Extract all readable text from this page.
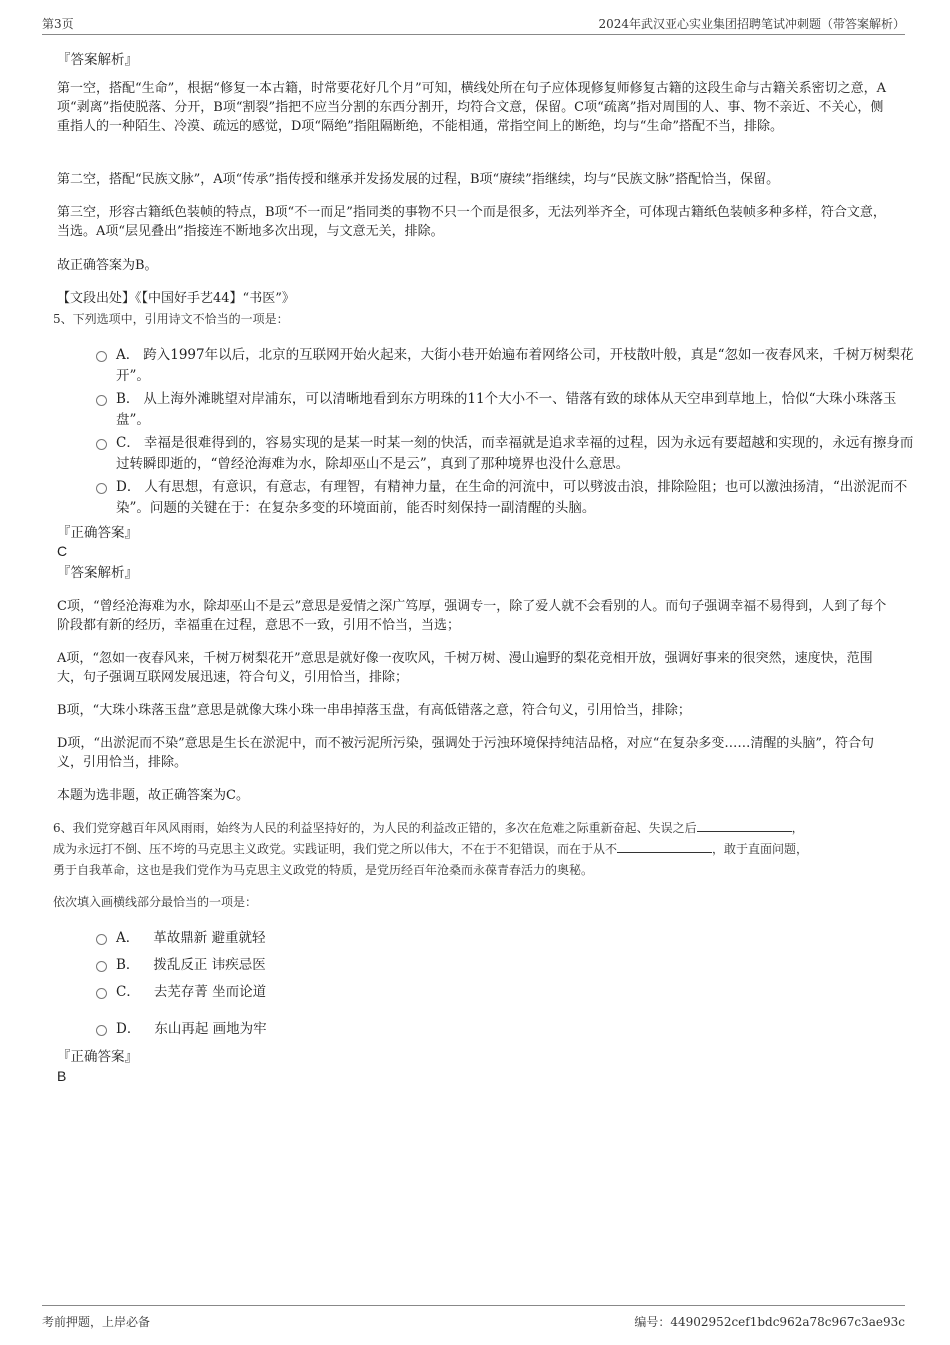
第3页	2024年武汉亚心实业集团招聘笔试冲刺题（带答案解析）
『答案解析』
第一空，搭配“生命”，根据“修复一本古籍，时常要花好几个月”可知，横线处所在句子应体现修复师修复古籍的这段生命与古籍关系密切之意，A项“剥离”指使脱落、分开，B项“割裂”指把不应当分割的东西分割开，均符合文意，保留。C项“疏离”指对周围的人、事、物不亲近、不关心，侧重指人的一种陌生、冷漠、疏远的感觉，D项“隔绝”指阻隔断绝，不能相通，常指空间上的断绝，均与“生命”搭配不当，排除。
第二空，搭配“民族文脉”，A项“传承”指传授和继承并发扬发展的过程，B项“赓续”指继续，均与“民族文脉”搭配恰当，保留。
第三空，形容古籍纸色装帧的特点，B项“不一而足”指同类的事物不只一个而是很多，无法列举齐全，可体现古籍纸色装帧多种多样，符合文意，当选。A项“层见叠出”指接连不断地多次出现，与文意无关，排除。
故正确答案为B。
【文段出处】《【中国好手艺44】“书医”》
5、下列选项中，引用诗文不恰当的一项是：
A． 跨入1997年以后，北京的互联网开始火起来，大街小巷开始遍布着网络公司，开枝散叶般，真是“忽如一夜春风来，千树万树梨花开”。
B． 从上海外滩眺望对岸浦东，可以清晰地看到东方明珠的11个大小不一、错落有致的球体从天空串到草地上，恰似“大珠小珠落玉盘”。
C． 幸福是很难得到的，容易实现的是某一时某一刻的快活，而幸福就是追求幸福的过程，因为永远有要超越和实现的，永远有擦身而过转瞬即逝的，“曾经沧海难为水，除却巫山不是云”，真到了那种境界也没什么意思。
D． 人有思想，有意识，有意志，有理智，有精神力量，在生命的河流中，可以劈波击浪，排除险阻；也可以激浊扬清，“出淤泥而不染”。问题的关键在于：在复杂多变的环境面前，能否时刻保持一副清醒的头脑。
『正确答案』
C
『答案解析』
C项，“曾经沧海难为水，除却巫山不是云”意思是爱情之深广笃厚，强调专一，除了爱人就不会看别的人。而句子强调幸福不易得到，人到了每个阶段都有新的经历，幸福重在过程，意思不一致，引用不恰当，当选；
A项，“忽如一夜春风来，千树万树梨花开”意思是就好像一夜吹风，千树万树、漫山遍野的梨花竞相开放，强调好事来的很突然，速度快，范围大，句子强调互联网发展迅速，符合句义，引用恰当，排除；
B项，“大珠小珠落玉盘”意思是就像大珠小珠一串串掉落玉盘，有高低错落之意，符合句义，引用恰当，排除；
D项，“出淤泥而不染”意思是生长在淤泥中，而不被污泥所污染，强调处于污浊环境保持纯洁品格，对应“在复杂多变……清醒的头脑”，符合句义，引用恰当，排除。
本题为选非题，故正确答案为C。
6、我们党穿越百年风风雨雨，始终为人民的利益坚持好的，为人民的利益改正错的，多次在危难之际重新奋起、失误之后	，
成为永远打不倒、压不垮的马克思主义政党。实践证明，我们党之所以伟大，不在于不犯错误，而在于从不	，敢于直面问题，
勇于自我革命，这也是我们党作为马克思主义政党的特质，是党历经百年沧桑而永葆青春活力的奥秘。
依次填入画横线部分最恰当的一项是：
A． 革故鼎新 避重就轻
B． 拨乱反正 讳疾忌医
C． 去芜存菁 坐而论道
D． 东山再起 画地为牢
『正确答案』
B
考前押题，上岸必备	编号：44902952cef1bdc962a78c967c3ae93c
